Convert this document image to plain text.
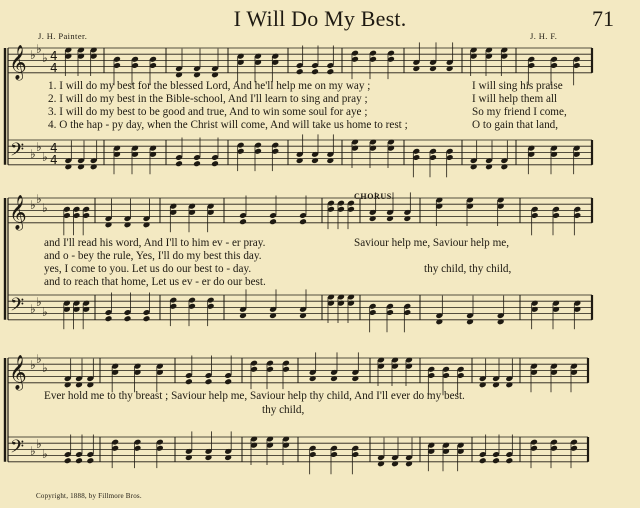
I Will Do My Best.	71
J. H. Painter.	J. H. F.
𝄞
𝄢
♭ ♭
♭
♭ ♭
♭
4
4
4
4
𝄞
𝄢
♭ ♭
♭
♭ ♭
♭
𝄞
𝄢
♭ ♭
♭
♭ ♭
♭
1. I will do my best for the blessed Lord, And he'll help me on my way ;	I will sing his praise
2. I will do my best in the Bible-school, And I'll learn to sing and pray ;	I will help them all
3. I will do my best to be good and true, And to win some soul for aye ;	So my friend I come,
4. O the hap - py day, when the Christ will come, And will take us home to rest ;	O to gain that land,
CHORUS.
and I'll read his word, And I'll to him ev - er pray.	Saviour help me, Saviour help me,
and o - bey the rule, Yes, I'll do my best this day.
yes, I come to you. Let us do our best to - day.	thy child, thy child,
and to reach that home, Let us ev - er do our best.
Ever hold me to thy breast ; Saviour help me, Saviour help thy child, And I'll ever do my best.
thy child,
Copyright, 1888, by Fillmore Bros.
